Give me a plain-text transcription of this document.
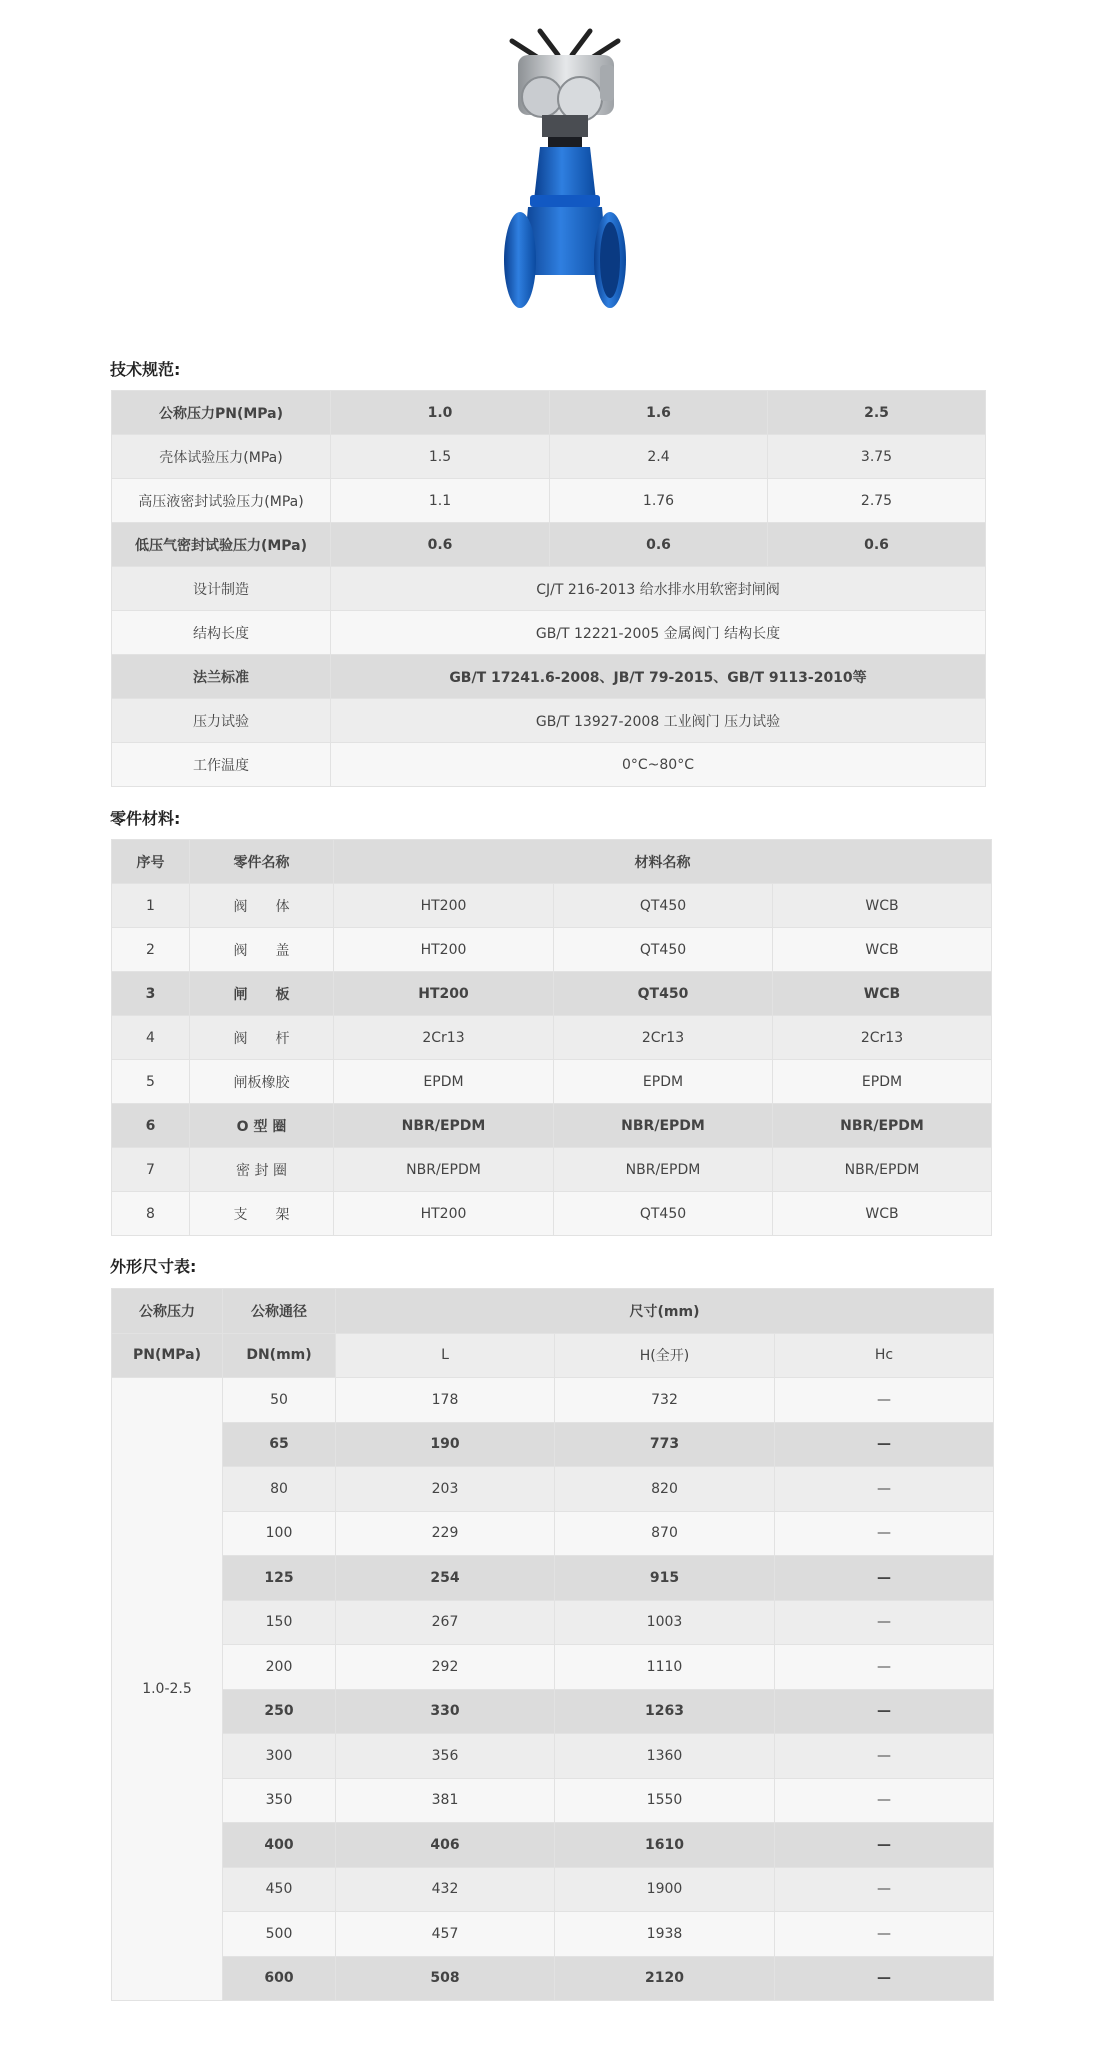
技术规范:
公称压力PN(MPa)	1.0	1.6	2.5
壳体试验压力(MPa)	1.5	2.4	3.75
高压液密封试验压力(MPa)	1.1	1.76	2.75
低压气密封试验压力(MPa)	0.6	0.6	0.6
设计制造	CJ/T 216-2013 给水排水用软密封闸阀		
结构长度	GB/T 12221-2005 金属阀门 结构长度		
法兰标准	GB/T 17241.6-2008、JB/T 79-2015、GB/T 9113-2010等		
压力试验	GB/T 13927-2008 工业阀门 压力试验		
工作温度	0°C~80°C		
零件材料:
序号	零件名称	材料名称		
1	阀　　体	HT200	QT450	WCB
2	阀　　盖	HT200	QT450	WCB
3	闸　　板	HT200	QT450	WCB
4	阀　　杆	2Cr13	2Cr13	2Cr13
5	闸板橡胶	EPDM	EPDM	EPDM
6	O 型 圈	NBR/EPDM	NBR/EPDM	NBR/EPDM
7	密 封 圈	NBR/EPDM	NBR/EPDM	NBR/EPDM
8	支　　架	HT200	QT450	WCB
外形尺寸表:
公称压力	公称通径	尺寸(mm)		
PN(MPa)	DN(mm)	L	H(全开)	Hc
1.0-2.5	50	178	732	—
	65	190	773	—
	80	203	820	—
	100	229	870	—
	125	254	915	—
	150	267	1003	—
	200	292	1110	—
	250	330	1263	—
	300	356	1360	—
	350	381	1550	—
	400	406	1610	—
	450	432	1900	—
	500	457	1938	—
	600	508	2120	—
